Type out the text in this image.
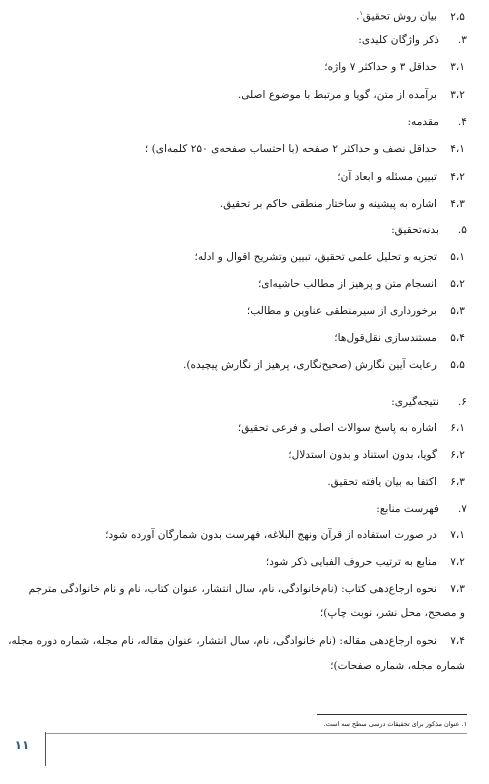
۲،۵بیان روش تحقیق$^۱$.
۳.ذکر واژگان کلیدی:
۳،۱حداقل ۳ و حداکثر ۷ واژه؛
۳،۲برآمده از متن، گویا و مرتبط با موضوع اصلی.
۴.مقدمه:
۴،۱حداقل نصف و حداکثر ۲ صفحه (با احتساب صفحه‌ی ۲۵۰ کلمه‌ای) ؛
۴،۲تبیین مسئله و ابعاد آن؛
۴،۳اشاره به پیشینه و ساختار منطقی حاکم بر تحقیق.
۵.بدنه‌تحقیق:
۵،۱تجزیه و تحلیل علمی تحقیق، تبیین وتشریح اقوال و ادله؛
۵،۲انسجام متن و پرهیز از مطالب حاشیه‌ای؛
۵،۳برخورداری از سیرمنطقی عناوین و مطالب؛
۵،۴مستندسازی نقل‌قول‌ها؛
۵،۵رعایت آیین نگارش (صحیح‌نگاری، پرهیز از نگارش پیچیده).
۶.نتیجه‌گیری:
۶،۱اشاره به پاسخ سوالات اصلی و فرعی تحقیق؛
۶،۲گویا، بدون استناد و بدون استدلال؛
۶،۳اکتفا به بیان یافته تحقیق.
۷.فهرست منابع:
۷،۱در صورت استفاده از قرآن ونهج البلاغه، فهرست بدون شمارگان آورده شود؛
۷،۲منابع به ترتیب حروف الفبایی ذکر شود؛
۷،۳نحوه ارجاع‌دهی کتاب: (نام‌خانوادگی، نام، سال انتشار، عنوان کتاب، نام و نام خانوادگی مترجم
و مصحح، محل نشر، نوبت چاپ)؛
۷،۴نحوه ارجاع‌دهی مقاله: (نام خانوادگی، نام، سال انتشار، عنوان مقاله، نام مجله، شماره دوره مجله،
شماره مجله، شماره صفحات)؛
۱. عنوان مذکور برای تحقیقات درسی سطح سه است.
۱۱
